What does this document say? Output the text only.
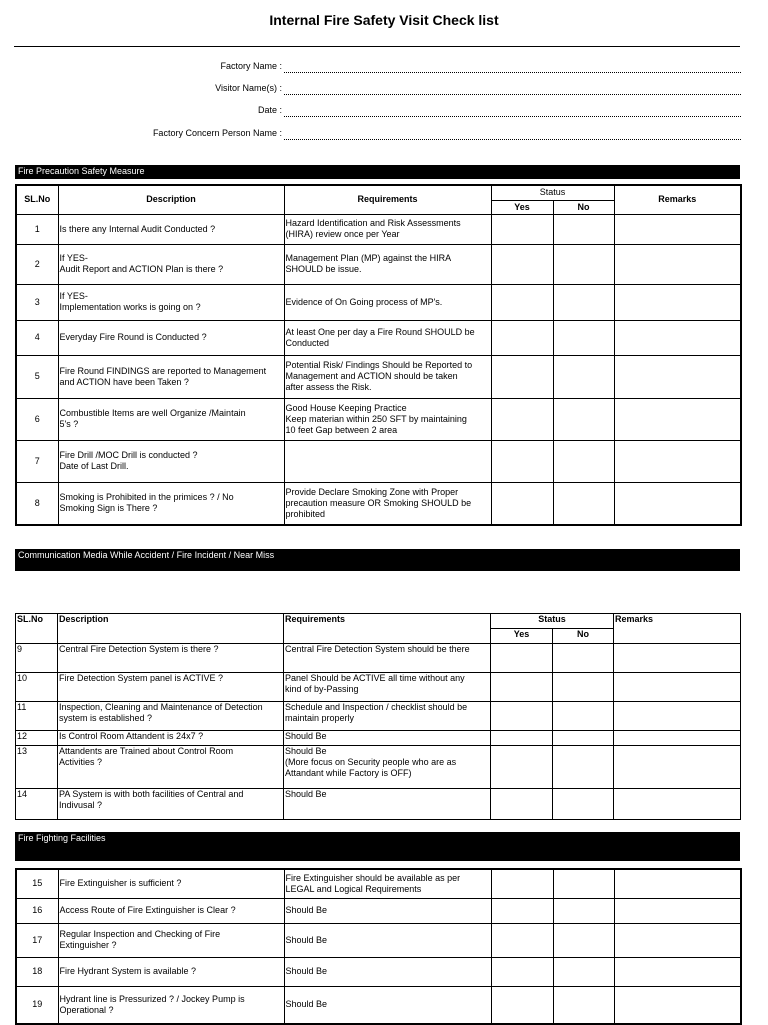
Internal Fire Safety Visit Check list
Factory Name :
Visitor Name(s) :
Date :
Factory Concern Person Name :
Fire Precaution Safety Measure
SL.No	Description	Requirements	Status		Remarks
			Yes	No	
1	Is there any Internal Audit Conducted ?	Hazard Identification and Risk Assessments
(HIRA) review once per Year			
2	If YES-
Audit Report and ACTION Plan is there ?	Management Plan (MP) against the HIRA
SHOULD be issue.			
3	If YES-
Implementation works is going on ?	Evidence of On Going process of MP's.			
4	Everyday Fire Round is Conducted ?	At least One per day a Fire Round SHOULD be
Conducted			
5	Fire Round FINDINGS are reported to Management
and ACTION have been Taken ?	Potential Risk/ Findings Should be Reported to
Management and ACTION should be taken
after assess the Risk.			
6	Combustible Items are well Organize /Maintain
5's ?	Good House Keeping Practice
Keep materian within 250 SFT by maintaining
10 feet Gap between 2 area			
7	Fire Drill /MOC Drill is conducted ?
Date of Last Drill.				
8	Smoking is Prohibited in the primices ? / No
Smoking Sign is There ?	Provide Declare Smoking Zone with Proper
precaution measure OR Smoking SHOULD be
prohibited			
Communication Media While Accident / Fire Incident / Near Miss
SL.No	Description	Requirements	Status		Remarks
			Yes	No	
9	Central Fire Detection System is there ?	Central Fire Detection System should be there			
10	Fire Detection System panel is ACTIVE ?	Panel Should be ACTIVE all time without any
kind of by-Passing			
11	Inspection, Cleaning and Maintenance of Detection
system is established ?	Schedule and Inspection / checklist should be
maintain properly			
12	Is Control Room Attandent is 24x7 ?	Should Be			
13	Attandents are Trained about Control Room
Activities ?	Should Be
(More focus on Security people who are as
Attandant while Factory is OFF)			
14	PA System is with both facilities of Central and
Indivusal ?	Should Be			
Fire Fighting Facilities
15	Fire Extinguisher is sufficient ?	Fire Extinguisher should be available as per
LEGAL and Logical Requirements			
16	Access Route of Fire Extinguisher is Clear ?	Should Be			
17	Regular Inspection and Checking of Fire
Extinguisher ?	Should Be			
18	Fire Hydrant System is available ?	Should Be			
19	Hydrant line is Pressurized ? / Jockey Pump is
Operational ?	Should Be			
